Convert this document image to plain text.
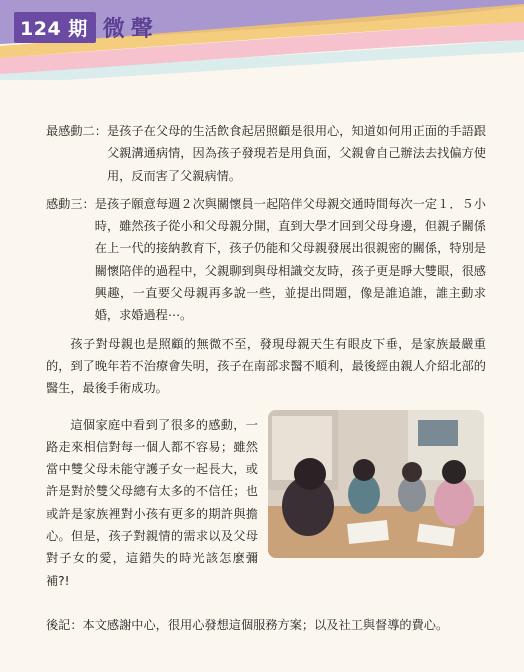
124 期 微聲
最感動二： 是孩子在父母的生活飲食起居照顧是很用心，知道如何用正面的手語跟父親溝通病情，因為孩子發現若是用負面，父親會自己辦法去找偏方使用，反而害了父親病情。
感動三： 是孩子願意每週２次與關懷員一起陪伴父母親交通時間每次一定１．５小時，雖然孩子從小和父母親分開，直到大學才回到父母身邊，但親子關係在上一代的接納教育下，孩子仍能和父母親發展出很親密的關係，特別是關懷陪伴的過程中，父親聊到與母相識交友時，孩子更是睜大雙眼，很感興趣，一直要父母親再多說一些，並提出問題，像是誰追誰，誰主動求婚，求婚過程⋯。

孩子對母親也是照顧的無微不至，發現母親天生有眼皮下垂，是家族最嚴重的，到了晚年若不治療會失明，孩子在南部求醫不順利，最後經由親人介紹北部的醫生，最後手術成功。

這個家庭中看到了很多的感動，一路走來相信對每一個人都不容易；雖然當中雙父母未能守護子女一起長大，或許是對於雙父母總有太多的不信任；也或許是家族裡對小孩有更多的期許與擔心。但是，孩子對親情的需求以及父母對子女的愛，這錯失的時光該怎麼彌補?!

後記：本文感謝中心，很用心發想這個服務方案；以及社工與督導的費心。
